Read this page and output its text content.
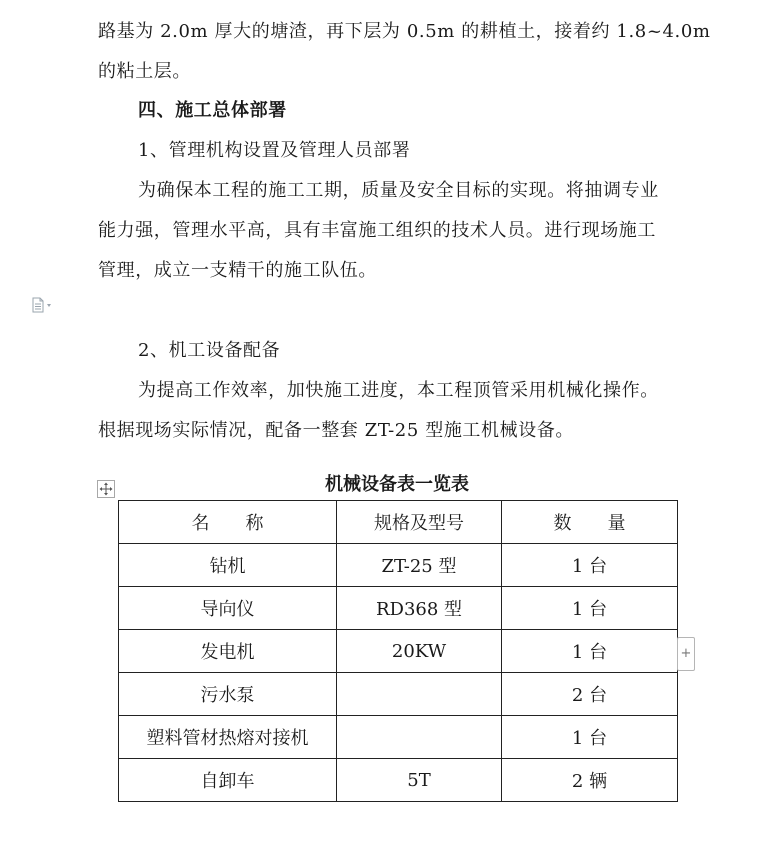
路基为 2.0m 厚大的塘渣，再下层为 0.5m 的耕植土，接着约 1.8~4.0m
的粘土层。
四、施工总体部署
1、管理机构设置及管理人员部署
为确保本工程的施工工期，质量及安全目标的实现。将抽调专业
能力强，管理水平高，具有丰富施工组织的技术人员。进行现场施工
管理，成立一支精干的施工队伍。
2、机工设备配备
为提高工作效率，加快施工进度，本工程顶管采用机械化操作。
根据现场实际情况，配备一整套 ZT-25 型施工机械设备。
机械设备表一览表
名　　称	规格及型号	数　　量
钻机	ZT-25 型	1 台
导向仪	RD368 型	1 台
发电机	20KW	1 台
污水泵		2 台
塑料管材热熔对接机		1 台
自卸车	5T	2 辆
+
